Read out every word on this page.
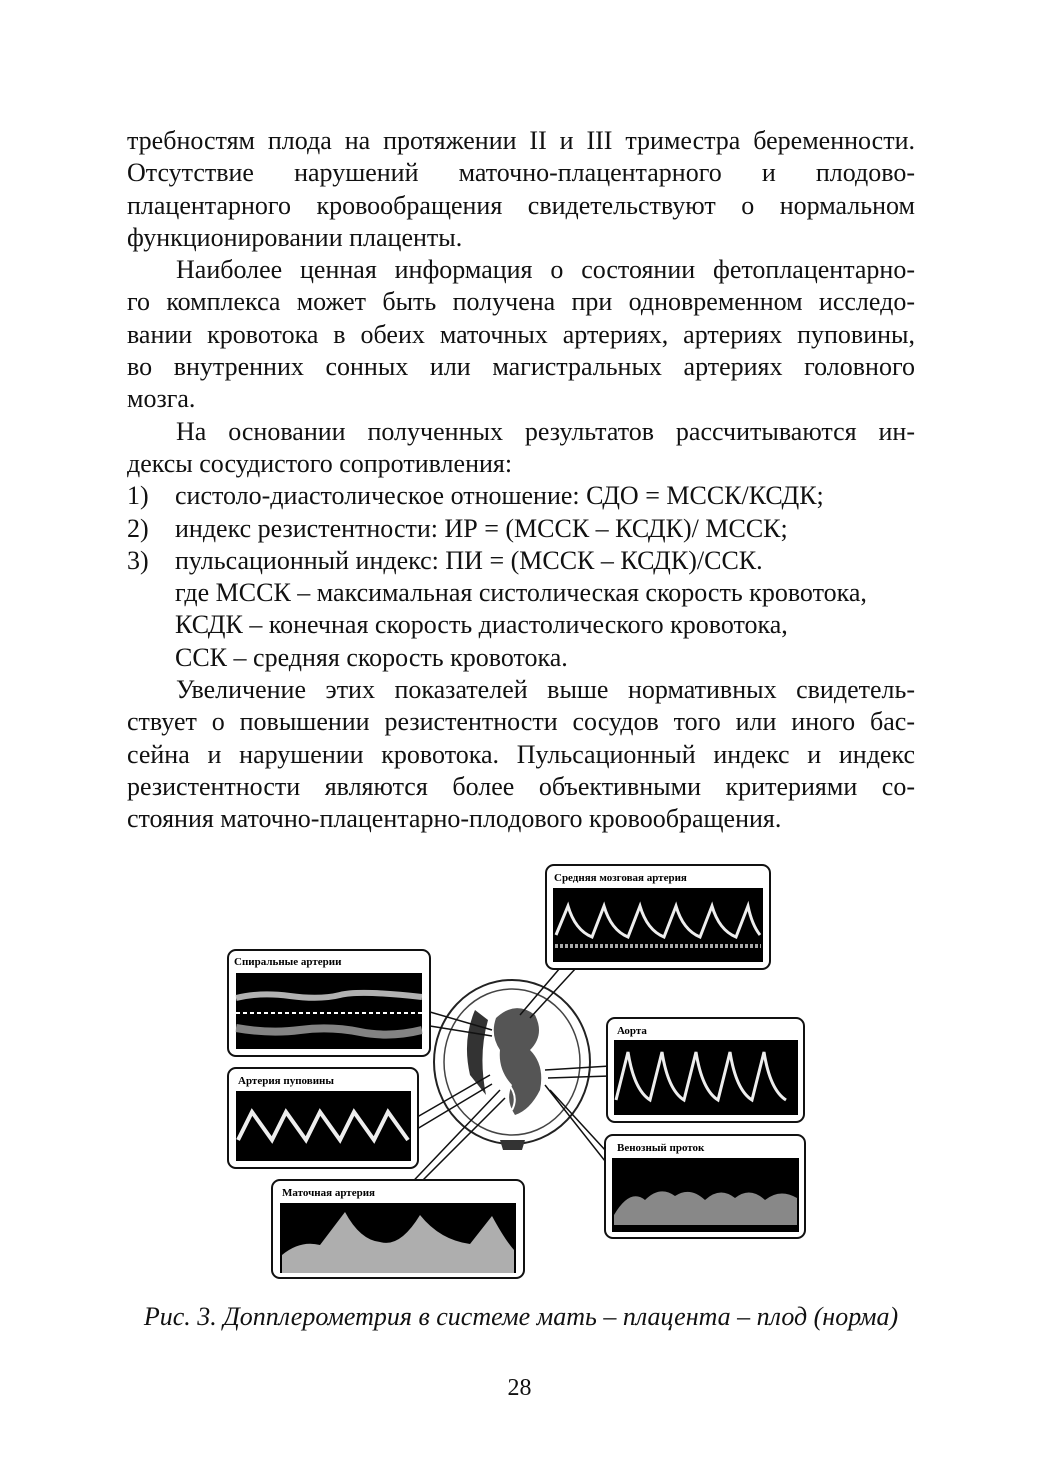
требностям плода на протяжении II и III триместра беременности.

Отсутствие нарушений маточно-плацентарного и плодово-

плацентарного кровообращения свидетельствуют о нормальном

функционировании плаценты.

Наиболее ценная информация о состоянии фетоплацентарно-

го комплекса может быть получена при одновременном исследо-

вании кровотока в обеих маточных артериях, артериях пуповины,

во внутренних сонных или магистральных артериях головного

мозга.

На основании полученных результатов рассчитываются ин-

дексы сосудистого сопротивления:

1) систоло-диастолическое отношение: СДО = МССК/КСДК;

2) индекс резистентности: ИР = (МССК – КСДК)/ МССК;

3) пульсационный индекс: ПИ = (МССК – КСДК)/ССК.

где МССК – максимальная систолическая скорость кровотока,

КСДК – конечная скорость диастолического кровотока,

ССК – средняя скорость кровотока.

Увеличение этих показателей выше нормативных свидетель-

ствует о повышении резистентности сосудов того или иного бас-

сейна и нарушении кровотока. Пульсационный индекс и индекс

резистентности являются более объективными критериями со-

стояния маточно-плацентарно-плодового кровообращения.

Спиральные артерии
Артерия пуповины
Маточная артерия
Средняя мозговая артерия
Аорта
Венозный проток
Рис. 3. Допплерометрия в системе мать – плацента – плод (норма)
28
